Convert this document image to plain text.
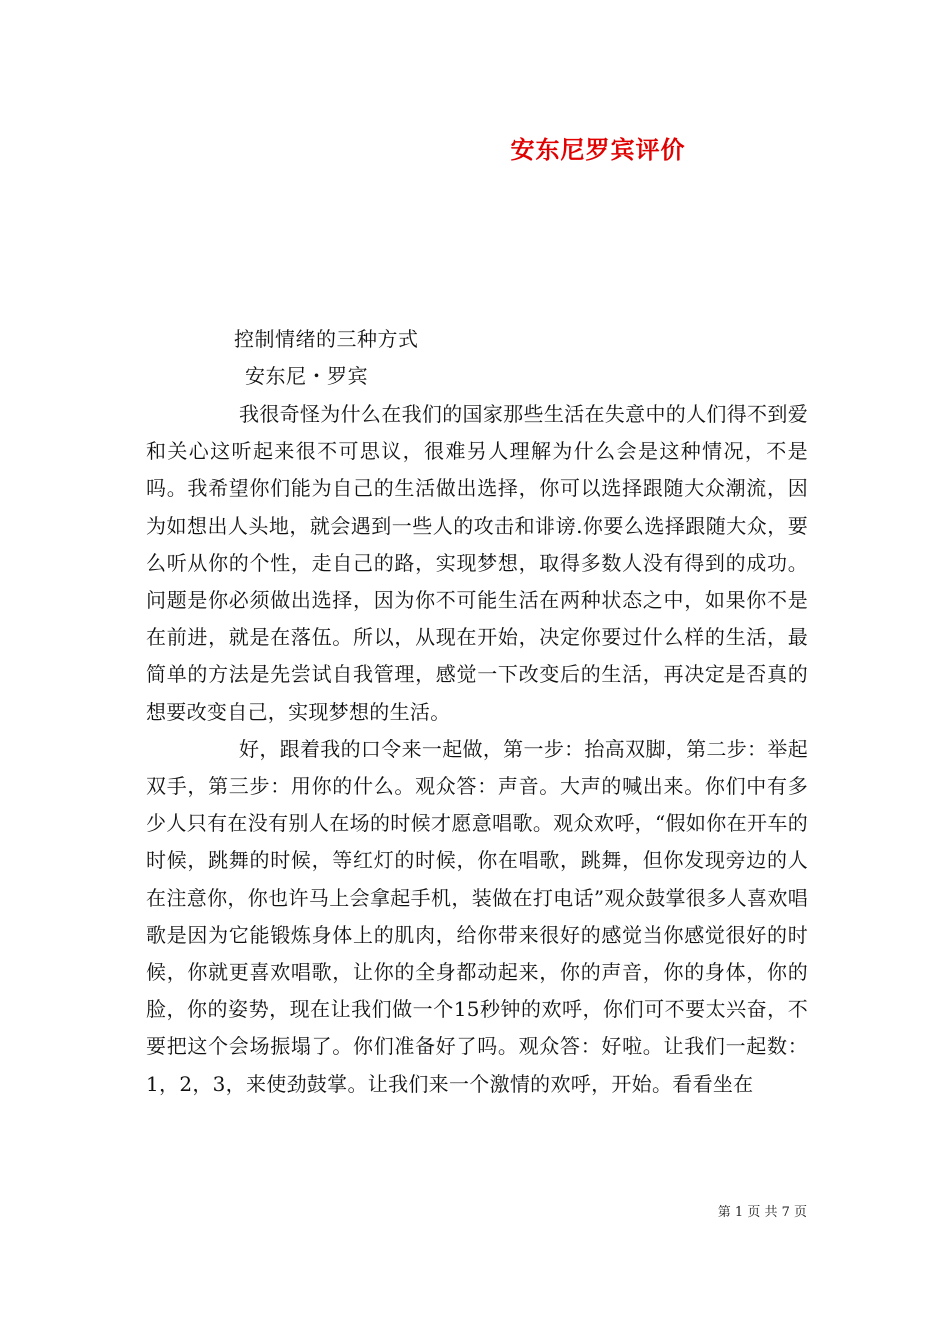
安东尼罗宾评价
控制情绪的三种方式
安东尼・罗宾

我很奇怪为什么在我们的国家那些生活在失意中的人们得不到爱和关心这听起来很不可思议，很难另人理解为什么会是这种情况，不是吗。我希望你们能为自己的生活做出选择，你可以选择跟随大众潮流，因为如想出人头地，就会遇到一些人的攻击和诽谤.你要么选择跟随大众，要么听从你的个性，走自己的路，实现梦想，取得多数人没有得到的成功。问题是你必须做出选择，因为你不可能生活在两种状态之中，如果你不是在前进，就是在落伍。所以，从现在开始，决定你要过什么样的生活，最简单的方法是先尝试自我管理，感觉一下改变后的生活，再决定是否真的想要改变自己，实现梦想的生活。

好，跟着我的口令来一起做，第一步：抬高双脚，第二步：举起双手，第三步：用你的什么。观众答：声音。大声的喊出来。你们中有多少人只有在没有别人在场的时候才愿意唱歌。观众欢呼，“假如你在开车的时候，跳舞的时候，等红灯的时候，你在唱歌，跳舞，但你发现旁边的人在注意你，你也许马上会拿起手机，装做在打电话”观众鼓掌很多人喜欢唱歌是因为它能锻炼身体上的肌肉，给你带来很好的感觉当你感觉很好的时候，你就更喜欢唱歌，让你的全身都动起来，你的声音，你的身体，你的脸，你的姿势，现在让我们做一个15秒钟的欢呼，你们可不要太兴奋，不要把这个会场振塌了。你们准备好了吗。观众答：好啦。让我们一起数：1，2，3，来使劲鼓掌。让我们来一个激情的欢呼，开始。看看坐在

第 1 页 共 7 页
